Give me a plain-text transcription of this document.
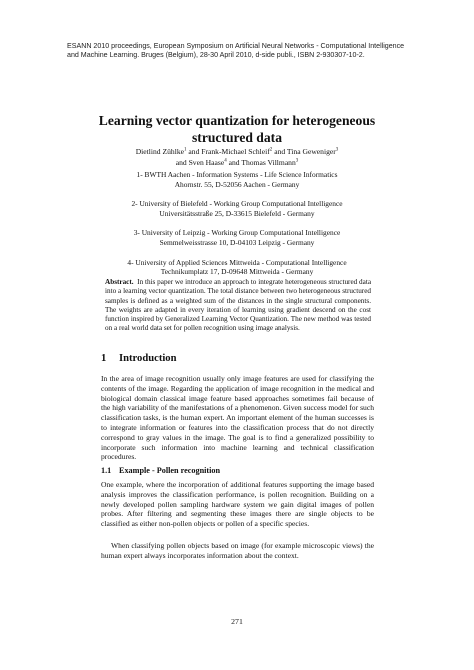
ESANN 2010 proceedings, European Symposium on Artificial Neural Networks - Computational Intelligence
and Machine Learning. Bruges (Belgium), 28-30 April 2010, d-side publi., ISBN 2-930307-10-2.
Learning vector quantization for heterogeneous
structured data
Dietlind Zühlke$^1$ and Frank-Michael Schleif$^2$ and Tina Geweniger$^3$
and Sven Haase$^4$ and Thomas Villmann$^3$
1- BWTH Aachen - Information Systems - Life Science Informatics
Ahornstr. 55, D-52056 Aachen - Germany
2- University of Bielefeld - Working Group Computational Intelligence
Universitätsstraße 25, D-33615 Bielefeld - Germany
3- University of Leipzig - Working Group Computational Intelligence
Semmelweisstrasse 10, D-04103 Leipzig - Germany
4- University of Applied Sciences Mittweida - Computational Intelligence
Technikumplatz 17, D-09648 Mittweida - Germany
Abstract. In this paper we introduce an approach to integrate heterogeneous structured data into a learning vector quantization. The total distance between two heterogeneous structured samples is defined as a weighted sum of the distances in the single structural components. The weights are adapted in every iteration of learning using gradient descend on the cost function inspired by Generalized Learning Vector Quantization. The new method was tested on a real world data set for pollen recognition using image analysis.
1 Introduction
In the area of image recognition usually only image features are used for classifying the contents of the image. Regarding the application of image recognition in the medical and biological domain classical image feature based approaches sometimes fail because of the high variability of the manifestations of a phenomenon. Given success model for such classification tasks, is the human expert. An important element of the human successes is to integrate information or features into the classification process that do not directly correspond to gray values in the image. The goal is to find a generalized possibility to incorporate such information into machine learning and technical classification procedures.
1.1 Example - Pollen recognition
One example, where the incorporation of additional features supporting the image based analysis improves the classification performance, is pollen recognition. Building on a newly developed pollen sampling hardware system we gain digital images of pollen probes. After filtering and segmenting these images there are single objects to be classified as either non-pollen objects or pollen of a specific species.
When classifying pollen objects based on image (for example microscopic views) the human expert always incorporates information about the context.
271
